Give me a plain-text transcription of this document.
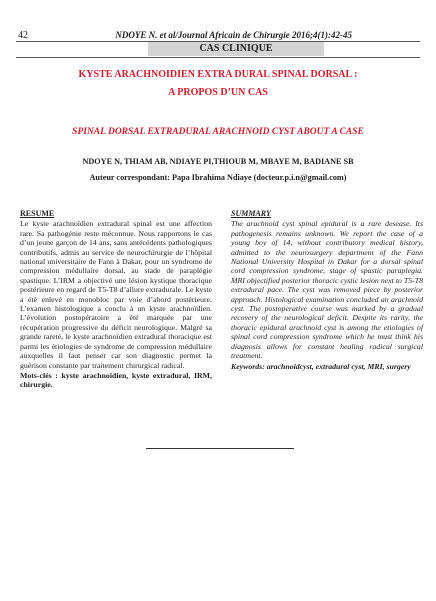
42	NDOYE N. et al/Journal Africain de Chirurgie 2016;4(1):42-45
CAS CLINIQUE
KYSTE ARACHNOIDIEN EXTRA DURAL SPINAL DORSAL :
A PROPOS D’UN CAS
SPINAL DORSAL EXTRADURAL ARACHNOID CYST ABOUT A CASE
NDOYE N, THIAM AB, NDIAYE PI,THIOUB M, MBAYE M, BADIANE SB
Auteur correspondant: Papa Ibrahima Ndiaye (docteur.p.i.n@gmail.com)
RESUME

Le kyste arachnoïdien extradural spinal est une affection rare. Sa pathogénie reste méconnue. Nous rapportons le cas d’un jeune garçon de 14 ans, sans antécédents pathologiques contributifs, admis au service de neurochirurgie de l’hôpital national universitaire de Fann à Dakar, pour un syndrome de compression médullaire dorsal, au stade de paraplégie spastique. L’IRM a objectivé une lésion kystique thoracique postérieure en regard de T5-T8 d’allure extradurale. Le kyste a été enlevé en monobloc par voie d’abord postérieure. L’examen histologique a conclu à un kyste arachnoïdien. L’évolution postopératoire a été marquée par une récupération progressive du déficit neurologique. Malgré sa grande rareté, le kyste arachnoïdien extradural thoracique est parmi les étiologies de syndrome de compression médullaire auxquelles il faut penser car son diagnostic permet la guérison constante par traitement chirurgical radical.

Mots-clés : kyste arachnoïdien, kyste extradural, IRM, chirurgie.

SUMMARY

The arachnoid cyst spinal epidural is a rare desease. Its pathogenesis remains unknown. We report the case of a young boy of 14, without contributory medical history, admitted to the neurosurgery department of the Fann National University Hospital in Dakar for a dorsal spinal cord compression syndrome, stage of spastic paraplegia. MRI objectified posterior thoracic cystic lesion next to T5-T8 extradural pace. The cyst was removed piece by posterior approach. Histological examination concluded an arachnoid cyst. The postoperative course was marked by a gradual recovery of the neurological deficit. Despite its rarity, the thoracic epidural arachnoid cyst is among the etiologies of spinal cord compression syndrome which he must think his diagnosis allows for constant healing radical surgical treatment.

Keywords: arachnoidcyst, extradural cyst, MRI, surgery
